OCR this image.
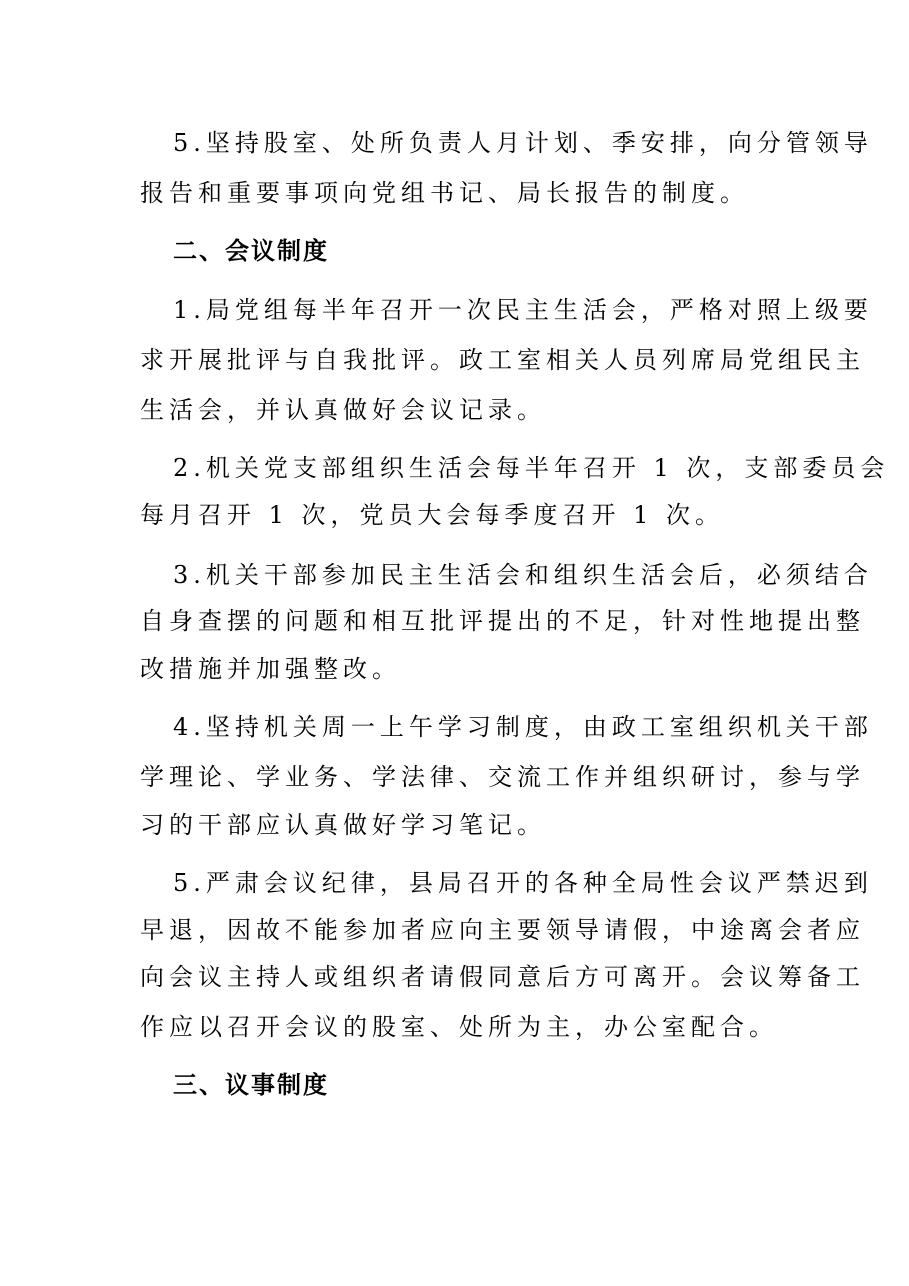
5.坚持股室、处所负责人月计划、季安排，向分管领导
报告和重要事项向党组书记、局长报告的制度。
二、会议制度
1.局党组每半年召开一次民主生活会，严格对照上级要
求开展批评与自我批评。政工室相关人员列席局党组民主
生活会，并认真做好会议记录。
2.机关党支部组织生活会每半年召开 1 次，支部委员会
每月召开 1 次，党员大会每季度召开 1 次。
3.机关干部参加民主生活会和组织生活会后，必须结合
自身查摆的问题和相互批评提出的不足，针对性地提出整
改措施并加强整改。
4.坚持机关周一上午学习制度，由政工室组织机关干部
学理论、学业务、学法律、交流工作并组织研讨，参与学
习的干部应认真做好学习笔记。
5.严肃会议纪律，县局召开的各种全局性会议严禁迟到
早退，因故不能参加者应向主要领导请假，中途离会者应
向会议主持人或组织者请假同意后方可离开。会议筹备工
作应以召开会议的股室、处所为主，办公室配合。
三、议事制度
